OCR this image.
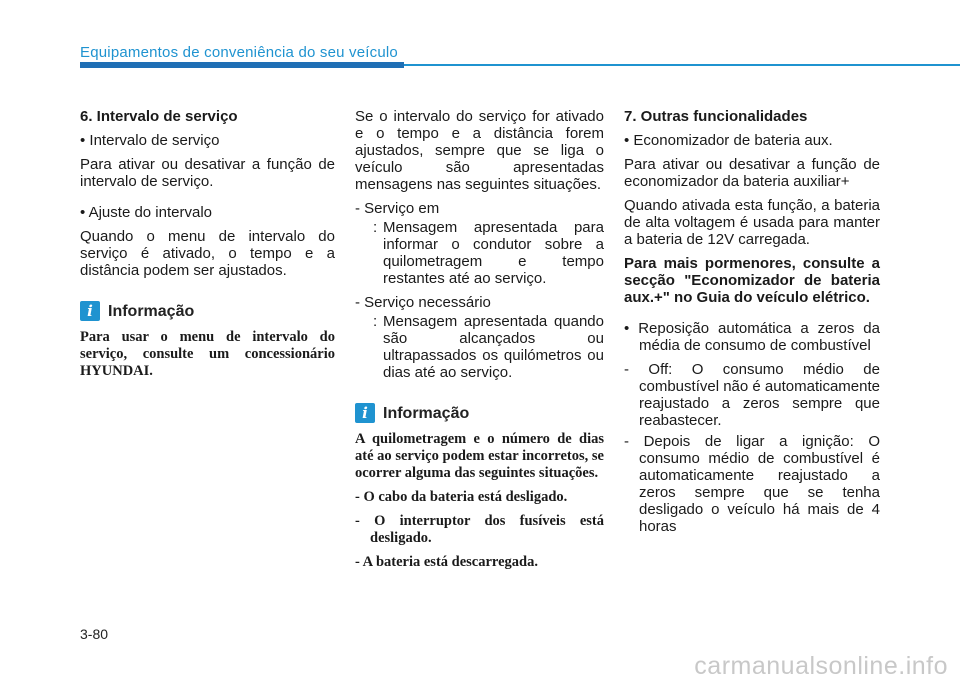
Equipamentos de conveniência do seu veículo

6. Intervalo de serviço

• Intervalo de serviço

Para ativar ou desativar a função de intervalo de serviço.

• Ajuste do intervalo

Quando o menu de intervalo do serviço é ativado, o tempo e a distância podem ser ajustados.

i Informação

Para usar o menu de intervalo do serviço, consulte um concessionário HYUNDAI.

Se o intervalo do serviço for ativado e o tempo e a distância forem ajustados, sempre que se liga o veículo são apresentadas mensagens nas seguintes situações.

- Serviço em

: Mensagem apresentada para informar o condutor sobre a quilometragem e tempo restantes até ao serviço.

- Serviço necessário

: Mensagem apresentada quando são alcançados ou ultrapassados os quilómetros ou dias até ao serviço.
i Informação

A quilometragem e o número de dias até ao serviço podem estar incorretos, se ocorrer alguma das seguintes situações.

- O cabo da bateria está desligado.

- O interruptor dos fusíveis está desligado.

- A bateria está descarregada.

7. Outras funcionalidades

• Economizador de bateria aux.

Para ativar ou desativar a função de economizador da bateria auxiliar+

Quando ativada esta função, a bateria de alta voltagem é usada para manter a bateria de 12V carregada.

Para mais pormenores, consulte a secção "Economizador de bateria aux.+" no Guia do veículo elétrico.

• Reposição automática a zeros da média de consumo de combustível

- Off: O consumo médio de combustível não é automaticamente reajustado a zeros sempre que reabastecer.

- Depois de ligar a ignição: O consumo médio de combustível é automaticamente reajustado a zeros sempre que se tenha desligado o veículo há mais de 4 horas

3-80
carmanualsonline.info
